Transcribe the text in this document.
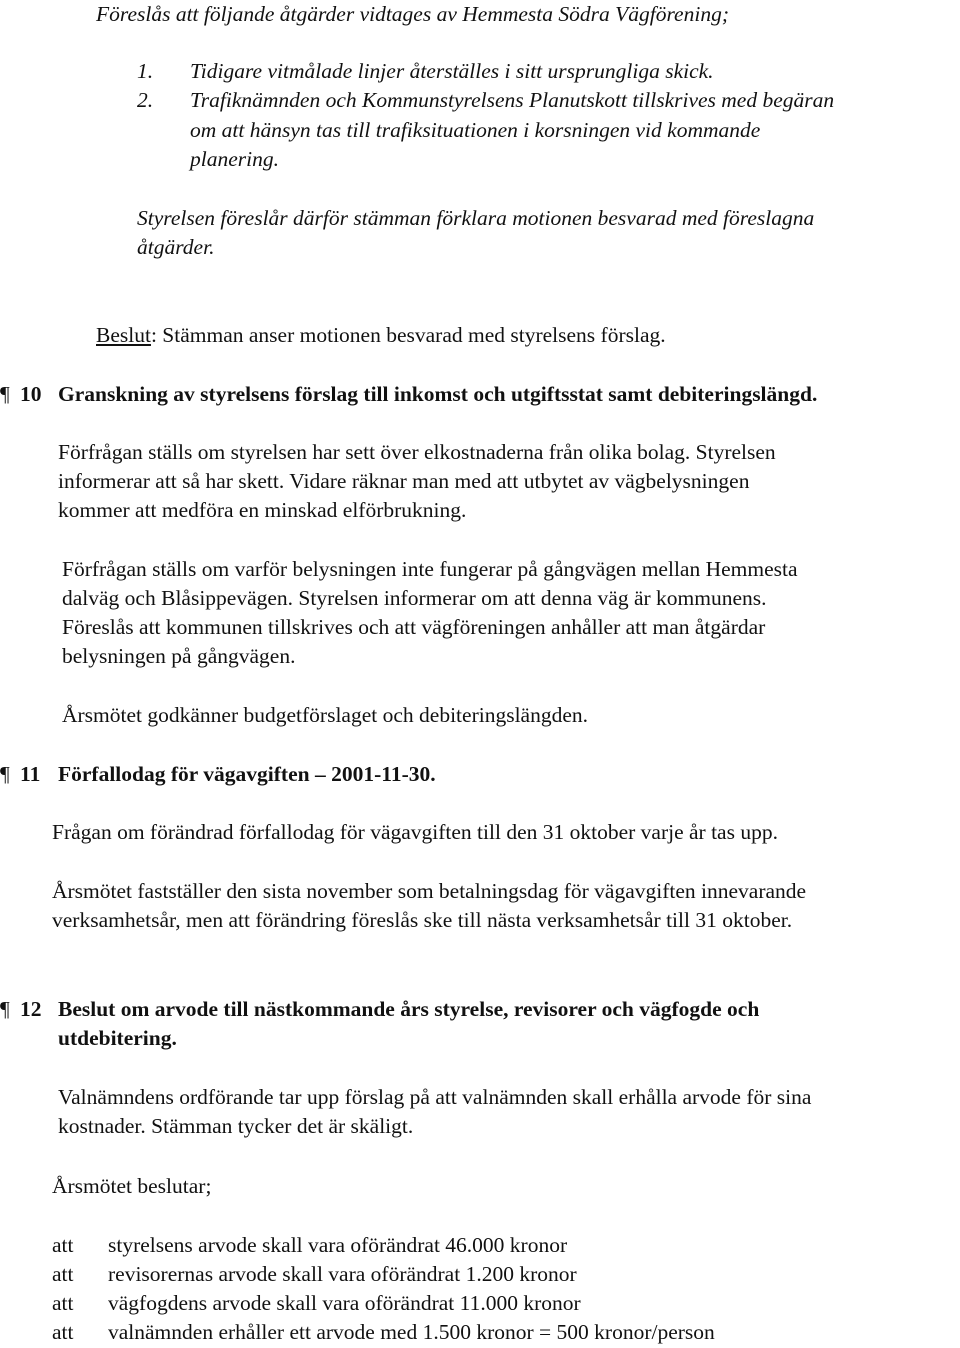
Föreslås att följande åtgärder vidtages av Hemmesta Södra Vägförening;
1. Tidigare vitmålade linjer återställes i sitt ursprungliga skick.
2. Trafiknämnden och Kommunstyrelsens Planutskott tillskrives med begäran
om att hänsyn tas till trafiksituationen i korsningen vid kommande
planering.
Styrelsen föreslår därför stämman förklara motionen besvarad med föreslagna
åtgärder.
Beslut: Stämman anser motionen besvarad med styrelsens förslag.
¶ 10 Granskning av styrelsens förslag till inkomst och utgiftsstat samt debiteringslängd.
Förfrågan ställs om styrelsen har sett över elkostnaderna från olika bolag. Styrelsen
informerar att så har skett. Vidare räknar man med att utbytet av vägbelysningen
kommer att medföra en minskad elförbrukning.
Förfrågan ställs om varför belysningen inte fungerar på gångvägen mellan Hemmesta
dalväg och Blåsippevägen. Styrelsen informerar om att denna väg är kommunens.
Föreslås att kommunen tillskrives och att vägföreningen anhåller att man åtgärdar
belysningen på gångvägen.
Årsmötet godkänner budgetförslaget och debiteringslängden.
¶ 11 Förfallodag för vägavgiften – 2001-11-30.
Frågan om förändrad förfallodag för vägavgiften till den 31 oktober varje år tas upp.
Årsmötet fastställer den sista november som betalningsdag för vägavgiften innevarande
verksamhetsår, men att förändring föreslås ske till nästa verksamhetsår till 31 oktober.
¶ 12 Beslut om arvode till nästkommande års styrelse, revisorer och vägfogde och
utdebitering.
Valnämndens ordförande tar upp förslag på att valnämnden skall erhålla arvode för sina
kostnader. Stämman tycker det är skäligt.
Årsmötet beslutar;
att styrelsens arvode skall vara oförändrat 46.000 kronor
att revisorernas arvode skall vara oförändrat 1.200 kronor
att vägfogdens arvode skall vara oförändrat 11.000 kronor
att valnämnden erhåller ett arvode med 1.500 kronor = 500 kronor/person
